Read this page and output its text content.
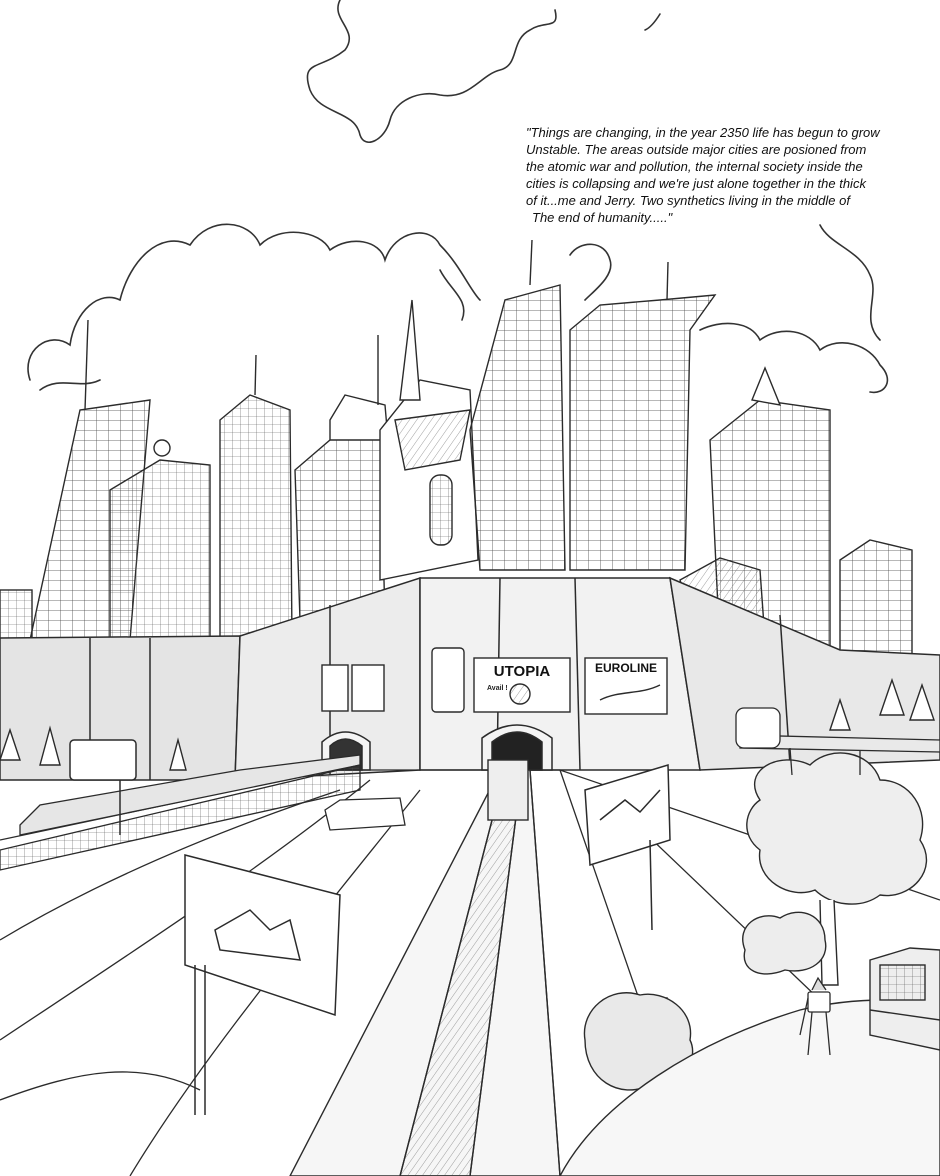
UTOPIA
Avail !
EUROLINE
"Things are changing, in the year 2350 life has begun to grow
Unstable. The areas outside major cities are posioned from
the atomic war and pollution, the internal society inside the
cities is collapsing and we're just alone together in the thick
of it...me and Jerry. Two synthetics living in the middle of
The end of humanity....."
